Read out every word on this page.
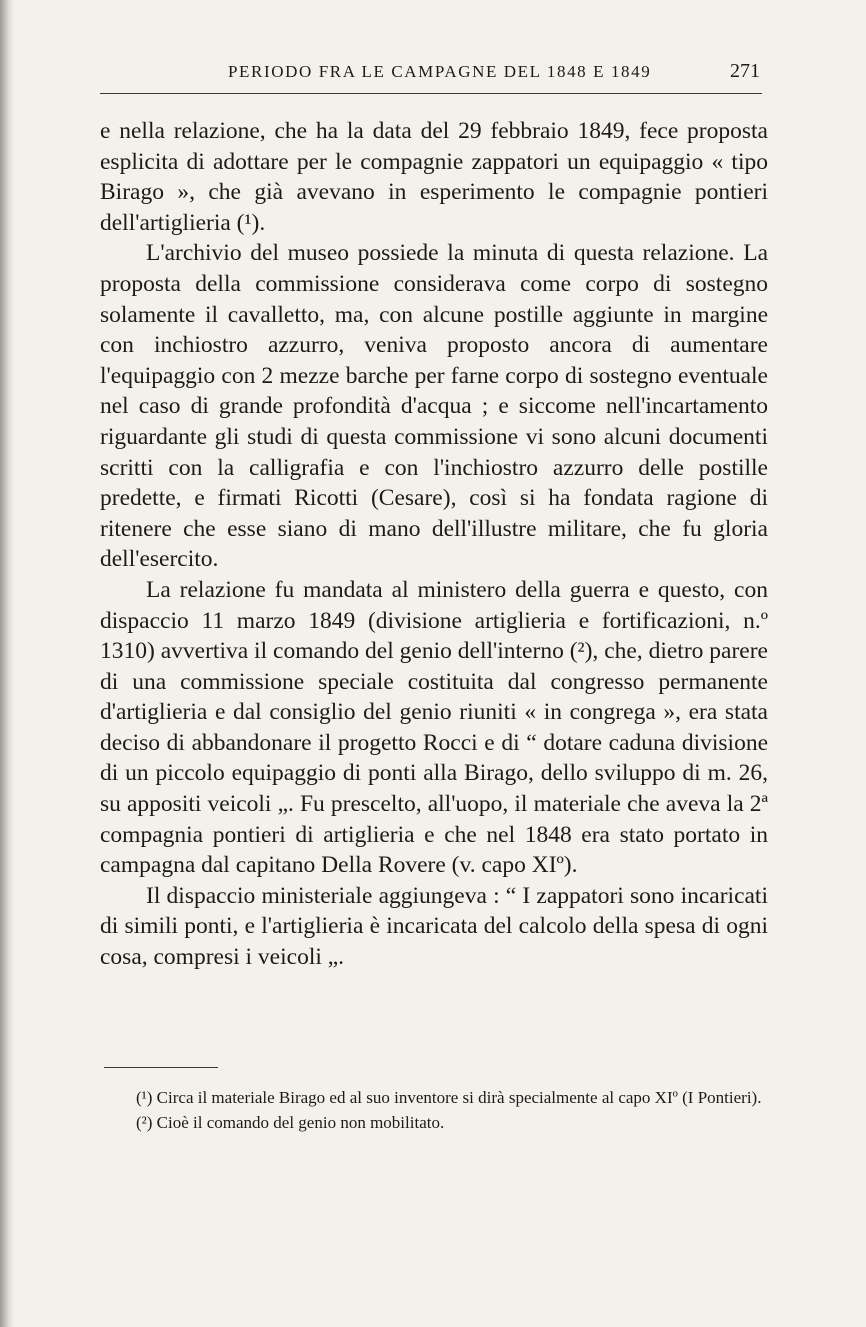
PERIODO FRA LE CAMPAGNE DEL 1848 E 1849	271

e nella relazione, che ha la data del 29 febbraio 1849, fece proposta esplicita di adottare per le compagnie zappatori un equipaggio « tipo Birago », che già avevano in esperimento le compagnie pontieri dell'artiglieria (¹).

L'archivio del museo possiede la minuta di questa relazione. La proposta della commissione considerava come corpo di sostegno solamente il cavalletto, ma, con alcune postille aggiunte in margine con inchiostro azzurro, veniva proposto ancora di aumentare l'equipaggio con 2 mezze barche per farne corpo di sostegno eventuale nel caso di grande profondità d'acqua ; e siccome nell'incartamento riguardante gli studi di questa commissione vi sono alcuni documenti scritti con la calligrafia e con l'inchiostro azzurro delle postille predette, e firmati Ricotti (Cesare), così si ha fondata ragione di ritenere che esse siano di mano dell'illustre militare, che fu gloria dell'esercito.

La relazione fu mandata al ministero della guerra e questo, con dispaccio 11 marzo 1849 (divisione artiglieria e fortificazioni, n.º 1310) avvertiva il comando del genio dell'interno (²), che, dietro parere di una commissione speciale costituita dal congresso permanente d'artiglieria e dal consiglio del genio riuniti « in congrega », era stata deciso di abbandonare il progetto Rocci e di “ dotare caduna divisione di un piccolo equipaggio di ponti alla Birago, dello sviluppo di m. 26, su appositi veicoli „. Fu prescelto, all'uopo, il materiale che aveva la 2ª compagnia pontieri di artiglieria e che nel 1848 era stato portato in campagna dal capitano Della Rovere (v. capo XIº).

Il dispaccio ministeriale aggiungeva : “ I zappatori sono incaricati di simili ponti, e l'artiglieria è incaricata del calcolo della spesa di ogni cosa, compresi i veicoli „.

(¹) Circa il materiale Birago ed al suo inventore si dirà specialmente al capo XIº (I Pontieri).

(²) Cioè il comando del genio non mobilitato.
